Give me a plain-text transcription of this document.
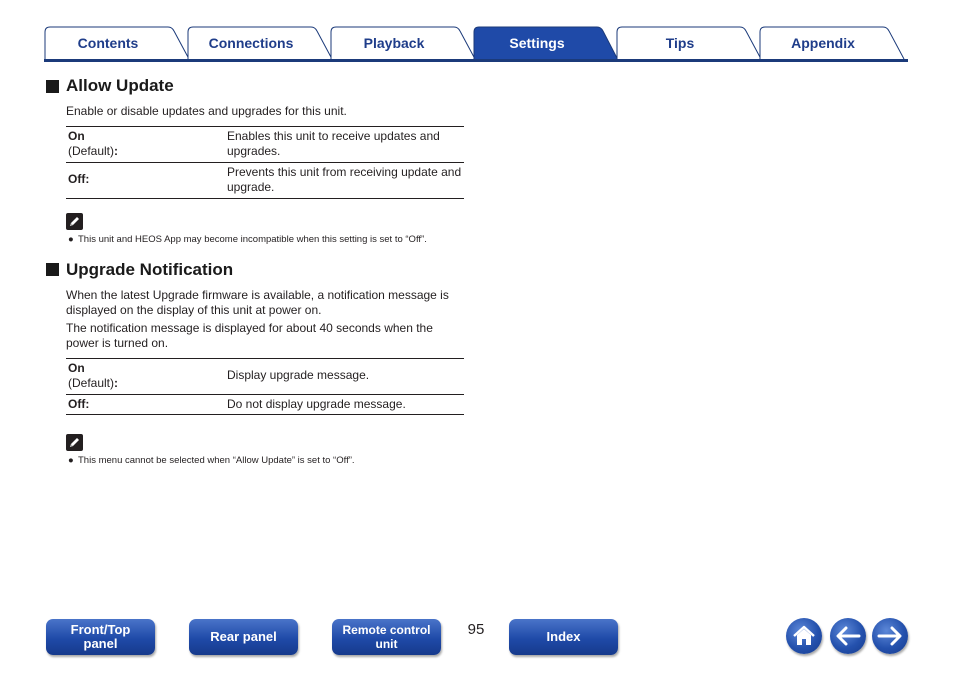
Contents	Connections	Playback	Settings	Tips	Appendix
Allow Update

Enable or disable updates and upgrades for this unit.

On
(Default):	Enables this unit to receive updates and upgrades.
Off:	Prevents this unit from receiving update and upgrade.
● This unit and HEOS App may become incompatible when this setting is set to “Off”.
Upgrade Notification

When the latest Upgrade firmware is available, a notification message is displayed on the display of this unit at power on.

The notification message is displayed for about 40 seconds when the power is turned on.

On
(Default):	Display upgrade message.
Off:	Do not display upgrade message.
● This menu cannot be selected when “Allow Update” is set to “Off”.
Front/Top
panel	Rear panel	Remote control
unit
95	Index
